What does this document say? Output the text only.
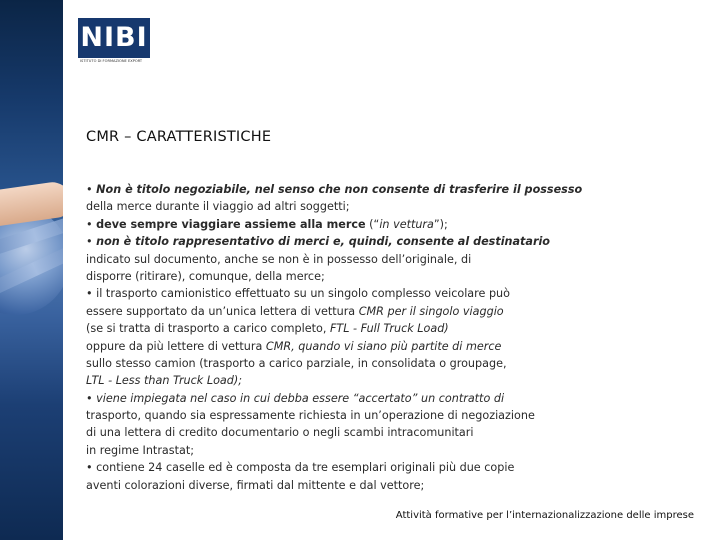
NIBI
ISTITUTO DI FORMAZIONE EXPORT
CMR – CARATTERISTICHE
• Non è titolo negoziabile, nel senso che non consente di trasferire il possesso
della merce durante il viaggio ad altri soggetti;
• deve sempre viaggiare assieme alla merce (“in vettura”);
• non è titolo rappresentativo di merci e, quindi, consente al destinatario
indicato sul documento, anche se non è in possesso dell’originale, di
disporre (ritirare), comunque, della merce;
• il trasporto camionistico effettuato su un singolo complesso veicolare può
essere supportato da un’unica lettera di vettura CMR per il singolo viaggio
(se si tratta di trasporto a carico completo, FTL - Full Truck Load)
oppure da più lettere di vettura CMR, quando vi siano più partite di merce
sullo stesso camion (trasporto a carico parziale, in consolidata o groupage,
LTL - Less than Truck Load);
• viene impiegata nel caso in cui debba essere “accertato” un contratto di
trasporto, quando sia espressamente richiesta in un’operazione di negoziazione
di una lettera di credito documentario o negli scambi intracomunitari
in regime Intrastat;
• contiene 24 caselle ed è composta da tre esemplari originali più due copie
aventi colorazioni diverse, firmati dal mittente e dal vettore;
Attività formative per l’internazionalizzazione delle imprese
